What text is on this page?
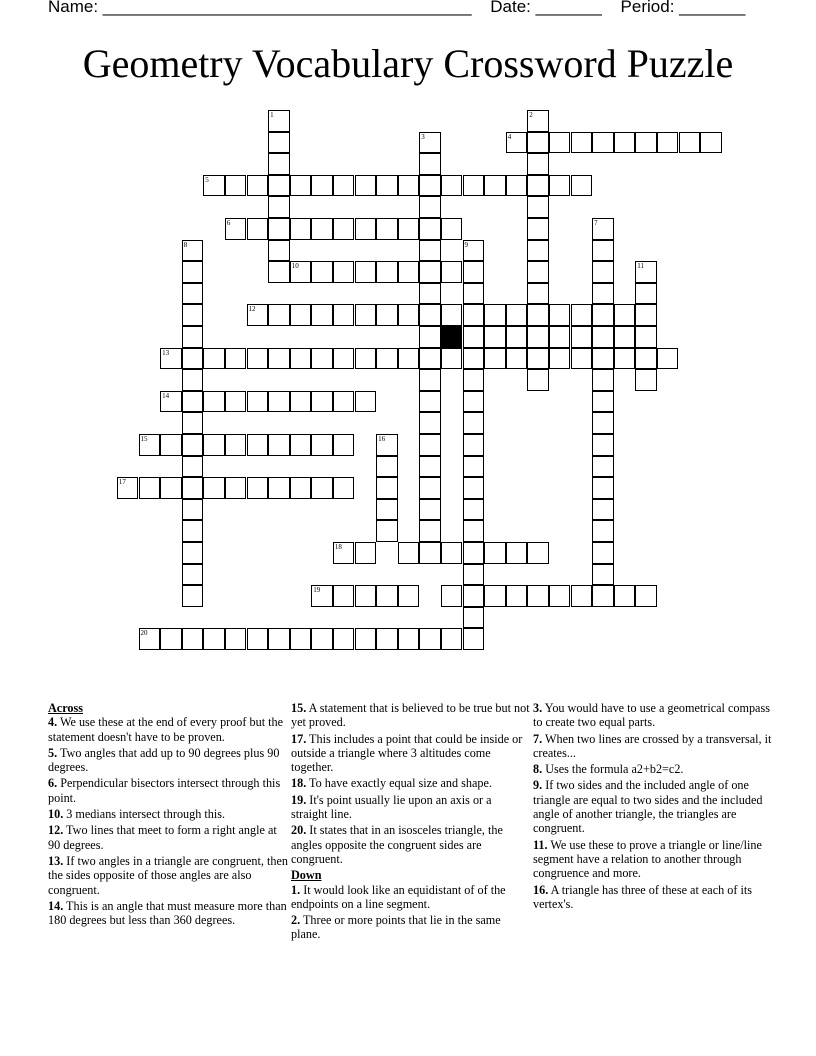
Name: _______________________________________ Date: _______ Period: _______
Geometry Vocabulary Crossword Puzzle
1	2
3	4
5
6	7
8	9
10	11
12
13
14
15	16
17
18
19
20
Across
4. We use these at the end of every proof but the statement doesn't have to be proven.
5. Two angles that add up to 90 degrees plus 90 degrees.
6. Perpendicular bisectors intersect through this point.
10. 3 medians intersect through this.
12. Two lines that meet to form a right angle at 90 degrees.
13. If two angles in a triangle are congruent, then the sides opposite of those angles are also congruent.
14. This is an angle that must measure more than 180 degrees but less than 360 degrees.
15. A statement that is believed to be true but not yet proved.
17. This includes a point that could be inside or outside a triangle where 3 altitudes come together.
18. To have exactly equal size and shape.
19. It's point usually lie upon an axis or a straight line.
20. It states that in an isosceles triangle, the angles opposite the congruent sides are congruent.
Down
1. It would look like an equidistant of of the endpoints on a line segment.
2. Three or more points that lie in the same plane.
3. You would have to use a geometrical compass to create two equal parts.
7. When two lines are crossed by a transversal, it creates...
8. Uses the formula a2+b2=c2.
9. If two sides and the included angle of one triangle are equal to two sides and the included angle of another triangle, the triangles are congruent.
11. We use these to prove a triangle or line/line segment have a relation to another through congruence and more.
16. A triangle has three of these at each of its vertex's.
